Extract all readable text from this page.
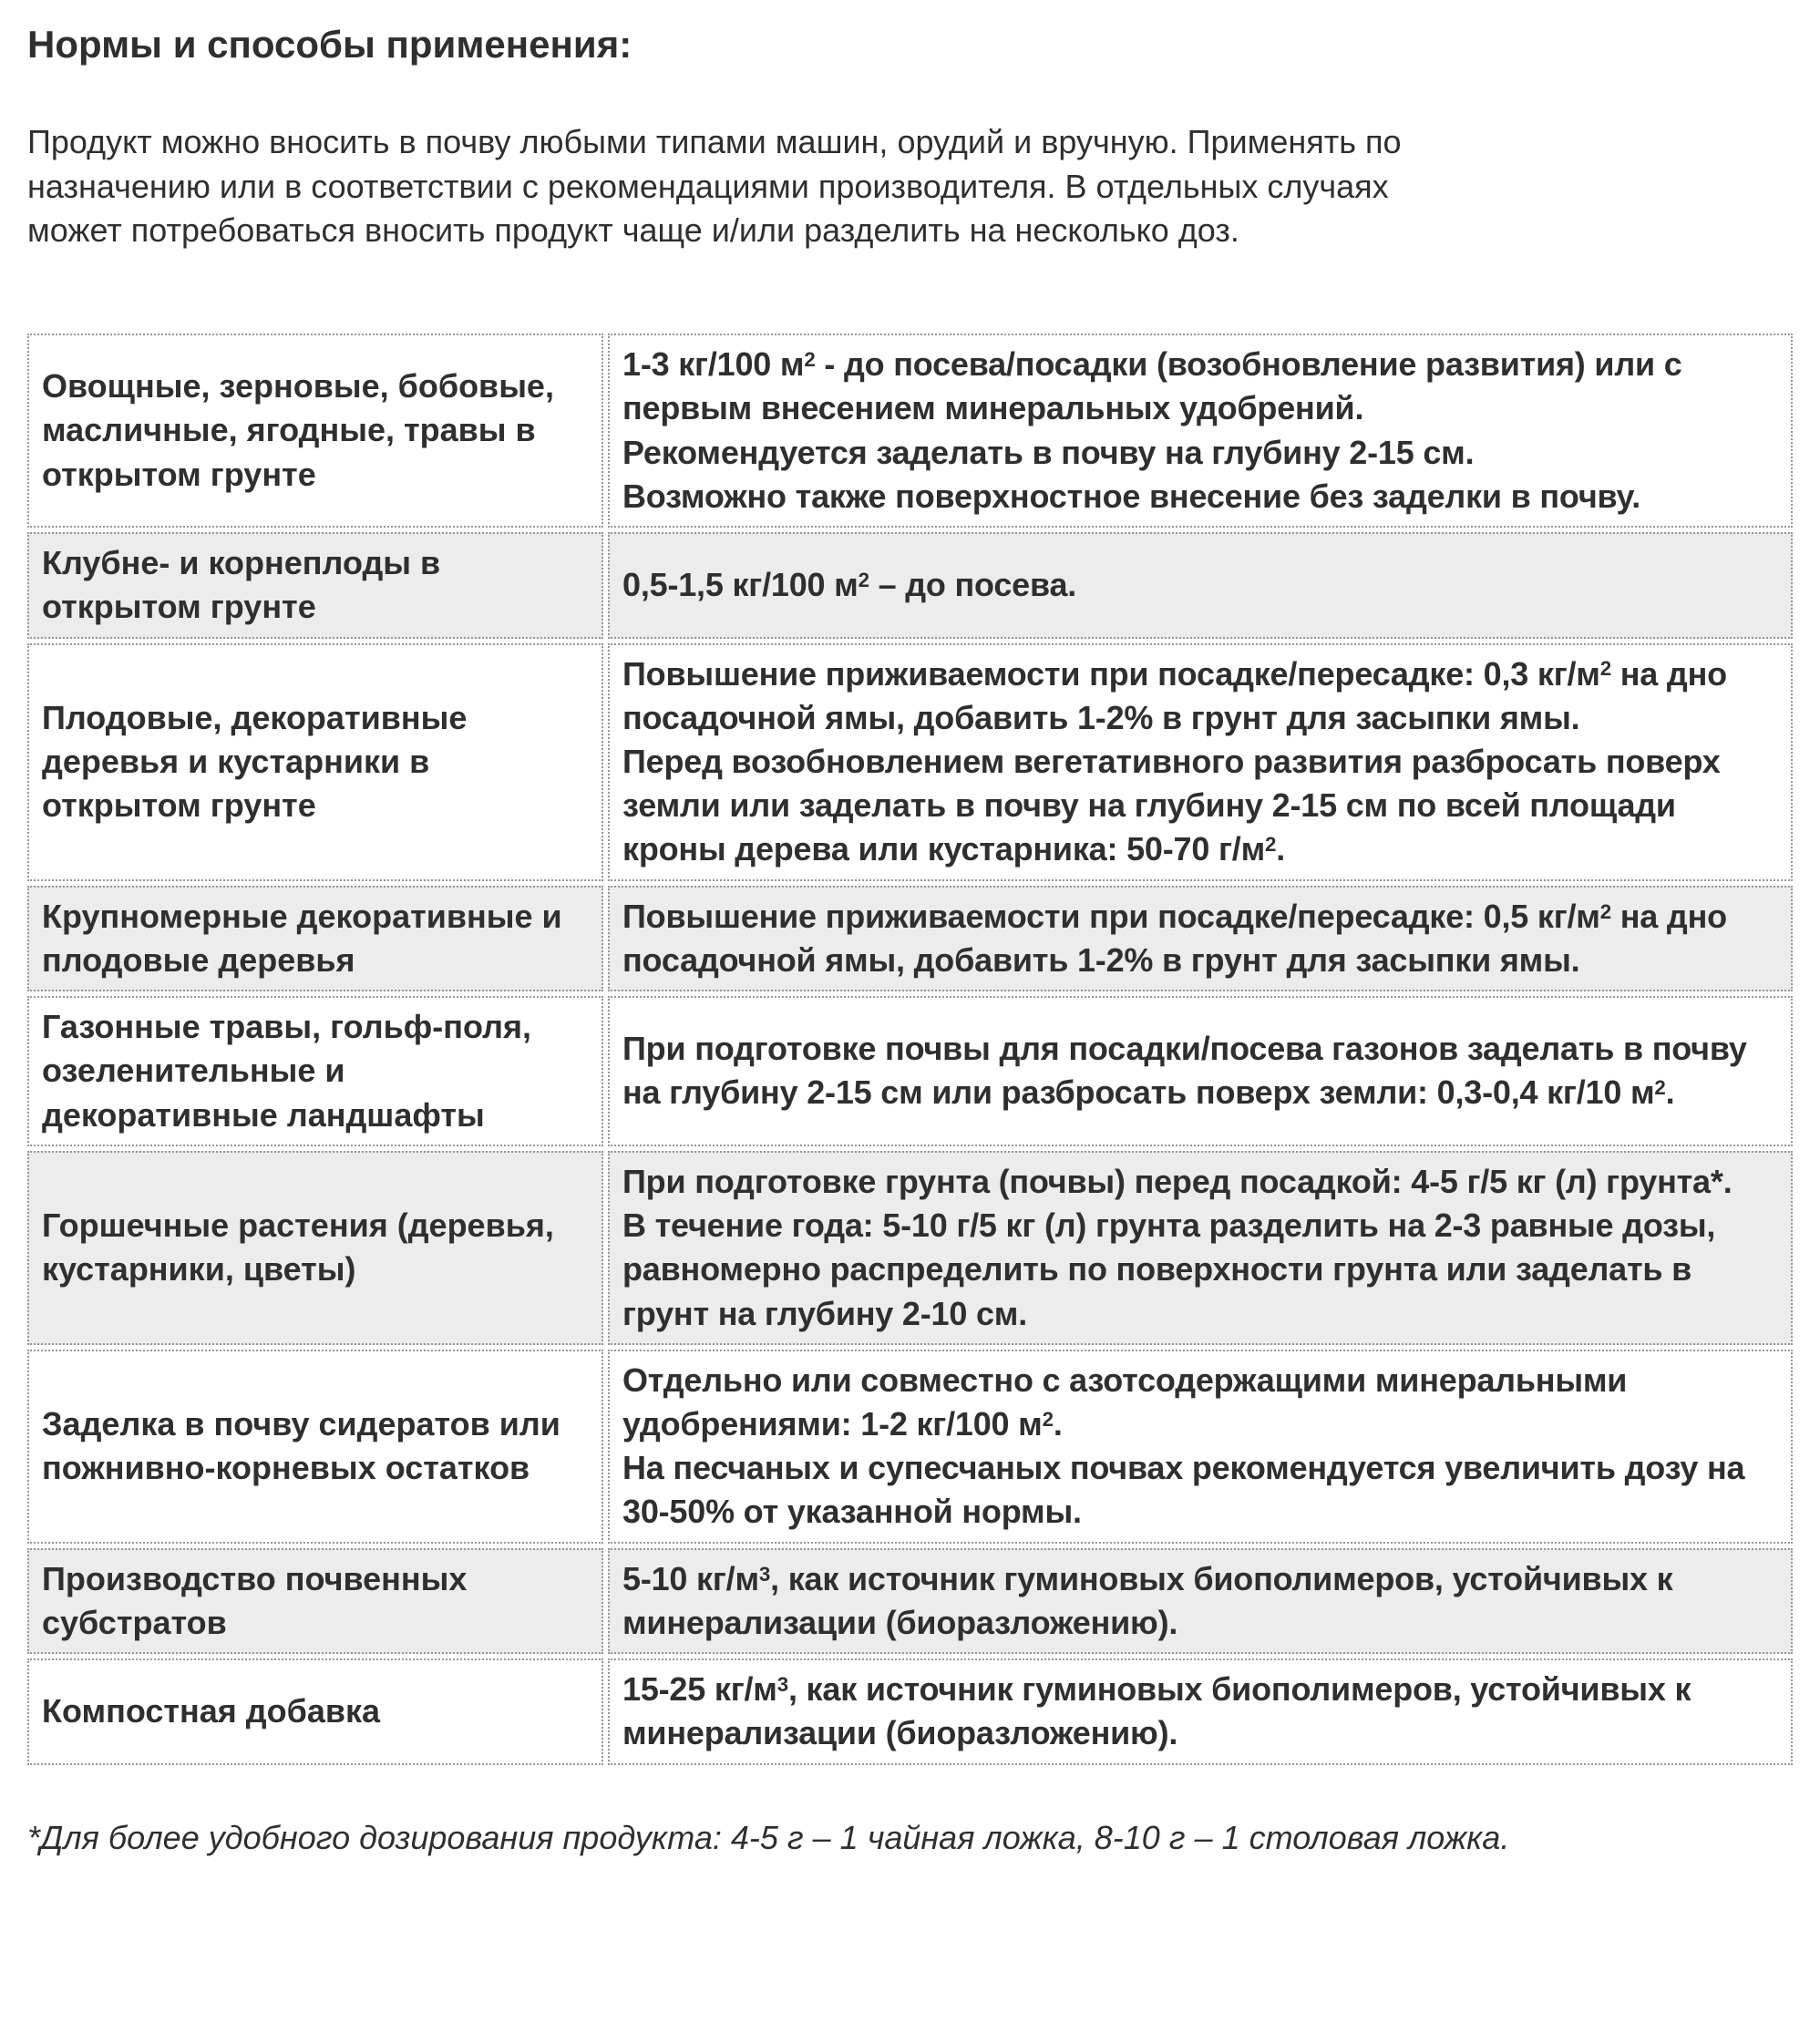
Нормы и способы применения:

Продукт можно вносить в почву любыми типами машин, орудий и вручную. Применять по назначению или в соответствии с рекомендациями производителя. В отдельных случаях может потребоваться вносить продукт чаще и/или разделить на несколько доз.

Овощные, зерновые, бобовые, масличные, ягодные, травы в открытом грунте	1-3 кг/100 $м^2$ - до посева/посадки (возобновление развития) или с первым внесением минеральных удобрений.
Рекомендуется заделать в почву на глубину 2-15 см.
Возможно также поверхностное внесение без заделки в почву.

Клубне- и корнеплоды в открытом грунте	0,5-1,5 кг/100 $м^2$ – до посева.

Плодовые, декоративные деревья и кустарники в открытом грунте	Повышение приживаемости при посадке/пересадке: 0,3 $кг/м^2$ на дно посадочной ямы, добавить 1-2% в грунт для засыпки ямы.
Перед возобновлением вегетативного развития разбросать поверх земли или заделать в почву на глубину 2-15 см по всей площади кроны дерева или кустарника: 50-70 $г/м^2$.

Крупномерные декоративные и плодовые деревья	Повышение приживаемости при посадке/пересадке: 0,5 $кг/м^2$ на дно посадочной ямы, добавить 1-2% в грунт для засыпки ямы.

Газонные травы, гольф-поля, озеленительные и декоративные ландшафты	При подготовке почвы для посадки/посева газонов заделать в почву на глубину 2-15 см или разбросать поверх земли: 0,3-0,4 кг/10 $м^2$.

Горшечные растения (деревья, кустарники, цветы)	При подготовке грунта (почвы) перед посадкой: 4-5 г/5 кг (л) грунта*.
В течение года: 5-10 г/5 кг (л) грунта разделить на 2-3 равные дозы, равномерно распределить по поверхности грунта или заделать в грунт на глубину 2-10 см.

Заделка в почву сидератов или пожнивно-корневых остатков	Отдельно или совместно с азотсодержащими минеральными удобрениями: 1-2 кг/100 $м^2$.
На песчаных и супесчаных почвах рекомендуется увеличить дозу на
30-50% от указанной нормы.

Производство почвенных субстратов	5-10 $кг/м^3$, как источник гуминовых биополимеров, устойчивых к минерализации (биоразложению).

Компостная добавка	15-25 $кг/м^3$, как источник гуминовых биополимеров, устойчивых к минерализации (биоразложению).

*Для более удобного дозирования продукта: 4-5 г – 1 чайная ложка, 8-10 г – 1 столовая ложка.
